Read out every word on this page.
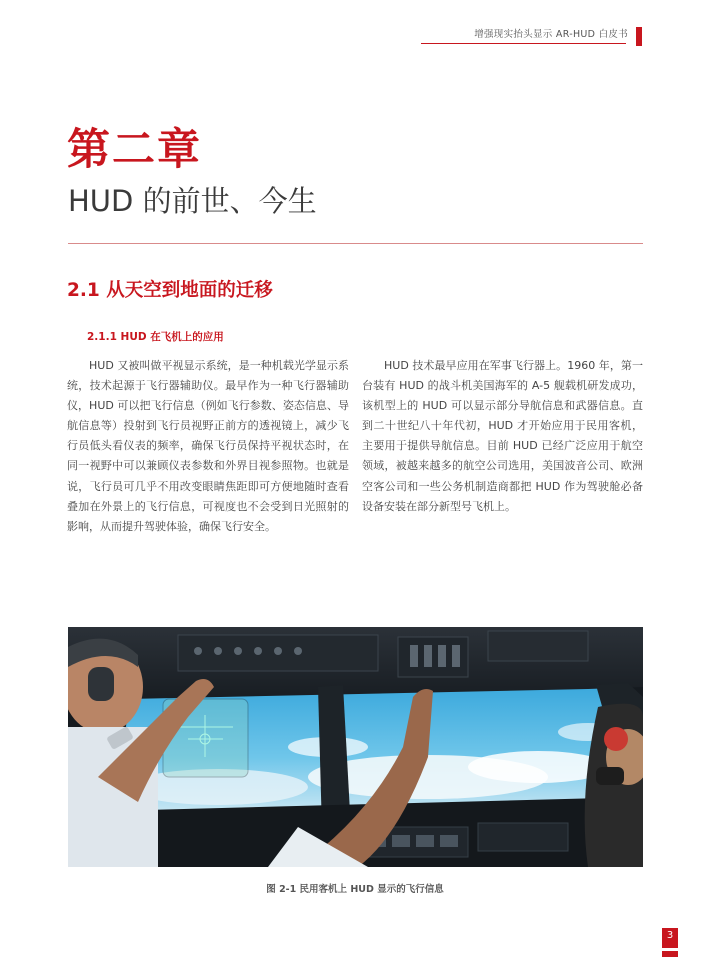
增强现实抬头显示 AR-HUD 白皮书
第二章
HUD 的前世、今生
2.1 从天空到地面的迁移
2.1.1 HUD 在飞机上的应用

HUD 又被叫做平视显示系统，是一种机载光学显示系统，技术起源于飞行器辅助仪。最早作为一种飞行器辅助仪，HUD 可以把飞行信息（例如飞行参数、姿态信息、导航信息等）投射到飞行员视野正前方的透视镜上，减少飞行员低头看仪表的频率，确保飞行员保持平视状态时，在同一视野中可以兼顾仪表参数和外界目视参照物。也就是说，飞行员可几乎不用改变眼睛焦距即可方便地随时查看叠加在外景上的飞行信息，可视度也不会受到日光照射的影响，从而提升驾驶体验，确保飞行安全。

HUD 技术最早应用在军事飞行器上。1960 年，第一台装有 HUD 的战斗机美国海军的 A-5 舰载机研发成功，该机型上的 HUD 可以显示部分导航信息和武器信息。直到二十世纪八十年代初，HUD 才开始应用于民用客机，主要用于提供导航信息。目前 HUD 已经广泛应用于航空领域，被越来越多的航空公司选用，美国波音公司、欧洲空客公司和一些公务机制造商都把 HUD 作为驾驶舱必备设备安装在部分新型号飞机上。

图 2-1 民用客机上 HUD 显示的飞行信息
3
